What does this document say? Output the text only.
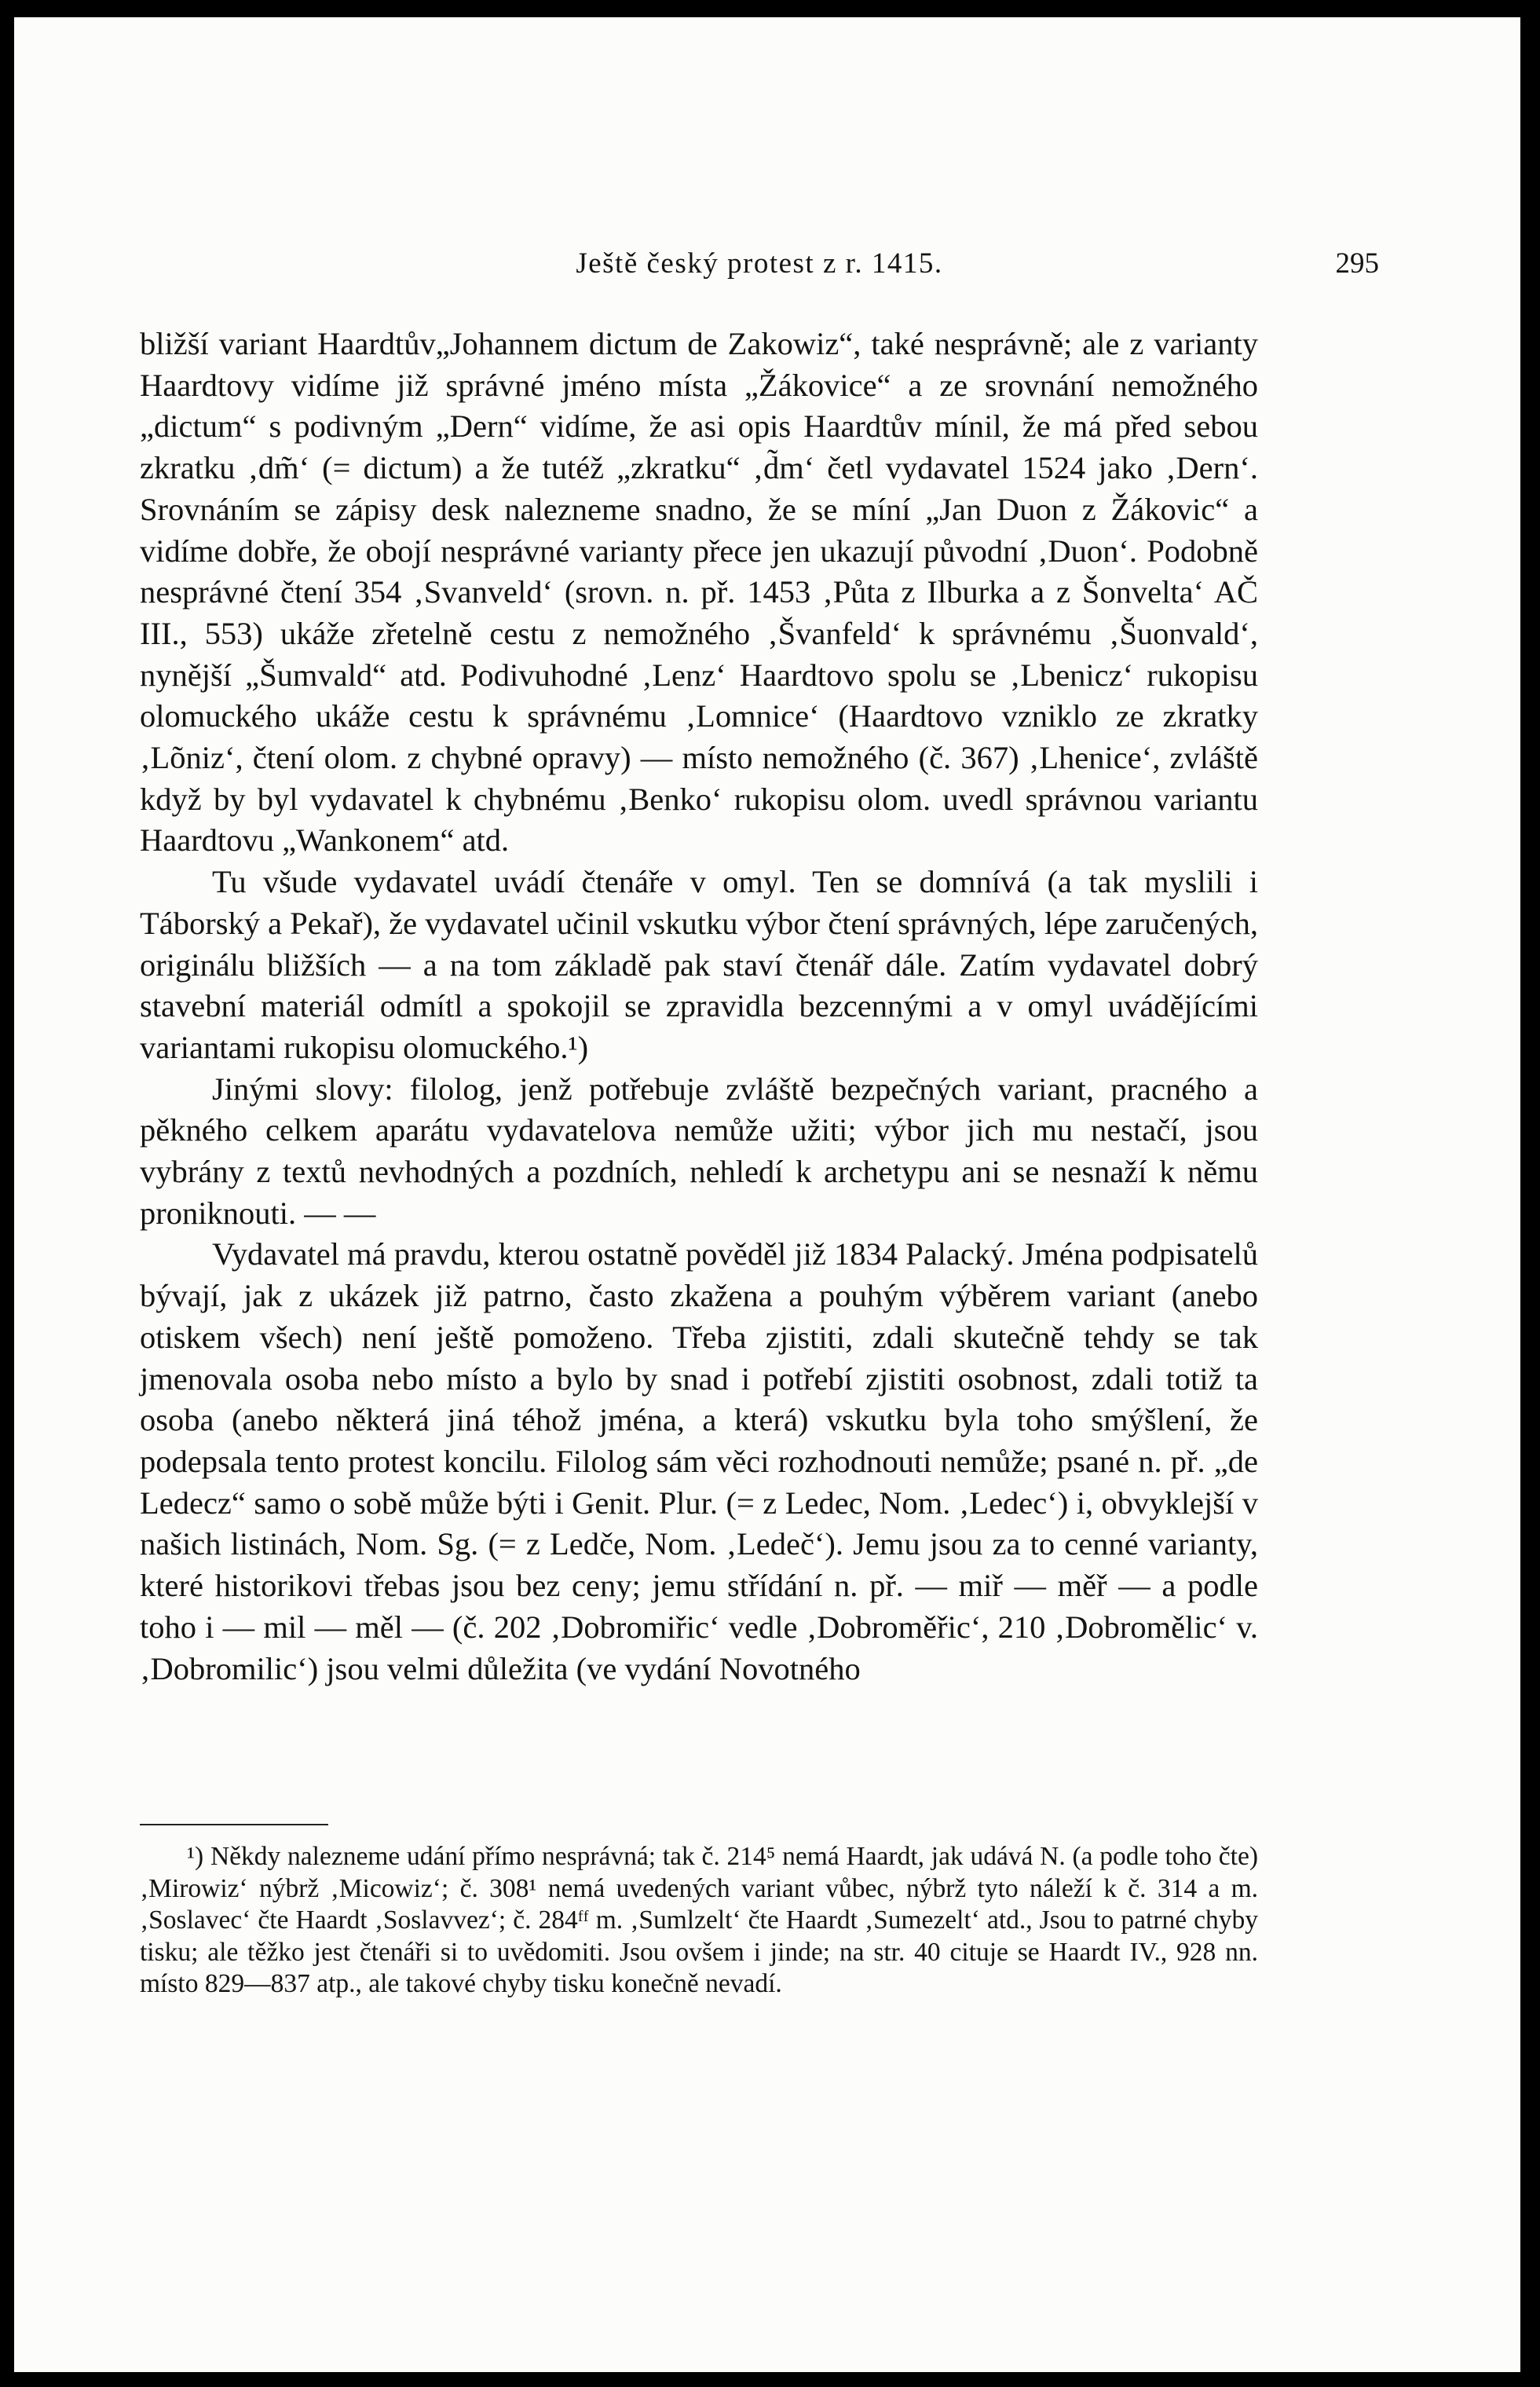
Ještě český protest z r. 1415.	295

bližší variant Haardtův„Johannem dictum de Zakowiz“, také nesprávně; ale z varianty Haardtovy vidíme již správné jméno místa „Žákovice“ a ze srovnání nemožného „dictum“ s podivným „Dern“ vidíme, že asi opis Haardtův mínil, že má před sebou zkratku ‚dm̃‘ (= dictum) a že tutéž „zkratku“ ‚d̃m‘ četl vydavatel 1524 jako ‚Dern‘. Srovnáním se zápisy desk nalezneme snadno, že se míní „Jan Duon z Žákovic“ a vidíme dobře, že obojí nesprávné varianty přece jen ukazují původní ‚Duon‘. Podobně nesprávné čtení 354 ‚Svanveld‘ (srovn. n. př. 1453 ‚Půta z Ilburka a z Šonvelta‘ AČ III., 553) ukáže zřetelně cestu z nemožného ‚Švanfeld‘ k správnému ‚Šuonvald‘, nynější „Šumvald“ atd. Podivuhodné ‚Lenz‘ Haardtovo spolu se ‚Lbenicz‘ rukopisu olomuckého ukáže cestu k správnému ‚Lomnice‘ (Haardtovo vzniklo ze zkratky ‚Lõniz‘, čtení olom. z chybné opravy) — místo nemožného (č. 367) ‚Lhenice‘, zvláště když by byl vydavatel k chybnému ‚Benko‘ rukopisu olom. uvedl správnou variantu Haardtovu „Wankonem“ atd.

Tu všude vydavatel uvádí čtenáře v omyl. Ten se domnívá (a tak myslili i Táborský a Pekař), že vydavatel učinil vskutku výbor čtení správných, lépe zaručených, originálu bližších — a na tom základě pak staví čtenář dále. Zatím vydavatel dobrý stavební materiál odmítl a spokojil se zpravidla bezcennými a v omyl uvádějícími variantami rukopisu olomuckého.¹)

Jinými slovy: filolog, jenž potřebuje zvláště bezpečných variant, pracného a pěkného celkem aparátu vydavatelova nemůže užiti; výbor jich mu nestačí, jsou vybrány z textů nevhodných a pozdních, nehledí k archetypu ani se nesnaží k němu proniknouti. — —

Vydavatel má pravdu, kterou ostatně pověděl již 1834 Palacký. Jména podpisatelů bývají, jak z ukázek již patrno, často zkažena a pouhým výběrem variant (anebo otiskem všech) není ještě pomoženo. Třeba zjistiti, zdali skutečně tehdy se tak jmenovala osoba nebo místo a bylo by snad i potřebí zjistiti osobnost, zdali totiž ta osoba (anebo některá jiná téhož jména, a která) vskutku byla toho smýšlení, že podepsala tento protest koncilu. Filolog sám věci rozhodnouti nemůže; psané n. př. „de Ledecz“ samo o sobě může býti i Genit. Plur. (= z Ledec, Nom. ‚Ledec‘) i, obvyklejší v našich listinách, Nom. Sg. (= z Ledče, Nom. ‚Ledeč‘). Jemu jsou za to cenné varianty, které historikovi třebas jsou bez ceny; jemu střídání n. př. — miř — měř — a podle toho i — mil — měl — (č. 202 ‚Dobromiřic‘ vedle ‚Dobroměřic‘, 210 ‚Dobromělic‘ v. ‚Dobromilic‘) jsou velmi důležita (ve vydání Novotného

¹) Někdy nalezneme udání přímo nesprávná; tak č. 214⁵ nemá Haardt, jak udává N. (a podle toho čte) ‚Mirowiz‘ nýbrž ‚Micowiz‘; č. 308¹ nemá uvedených variant vůbec, nýbrž tyto náleží k č. 314 a m. ‚Soslavec‘ čte Haardt ‚Soslavvez‘; č. 284ᶠᶠ m. ‚Sumlzelt‘ čte Haardt ‚Sumezelt‘ atd., Jsou to patrné chyby tisku; ale těžko jest čtenáři si to uvědomiti. Jsou ovšem i jinde; na str. 40 cituje se Haardt IV., 928 nn. místo 829—837 atp., ale takové chyby tisku konečně nevadí.
